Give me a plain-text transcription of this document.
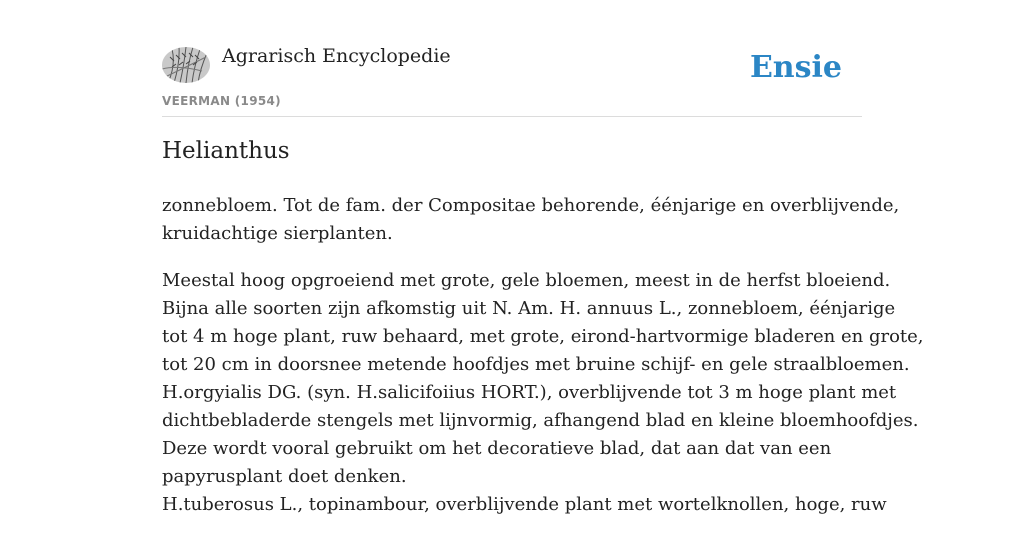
Agrarisch Encyclopedie
VEERMAN (1954)
Ensie
Helianthus

zonnebloem. Tot de fam. der Compositae behorende, éénjarige en overblijvende,
kruidachtige sierplanten.

Meestal hoog opgroeiend met grote, gele bloemen, meest in de herfst bloeiend.
Bijna alle soorten zijn afkomstig uit N. Am. H. annuus L., zonnebloem, éénjarige
tot 4 m hoge plant, ruw behaard, met grote, eirond-hartvormige bladeren en grote,
tot 20 cm in doorsnee metende hoofdjes met bruine schijf- en gele straalbloemen.
H.orgyialis DG. (syn. H.salicifoiius HORT.), overblijvende tot 3 m hoge plant met
dichtbebladerde stengels met lijnvormig, afhangend blad en kleine bloemhoofdjes.
Deze wordt vooral gebruikt om het decoratieve blad, dat aan dat van een
papyrusplant doet denken.
H.tuberosus L., topinambour, overblijvende plant met wortelknollen, hoge, ruw
